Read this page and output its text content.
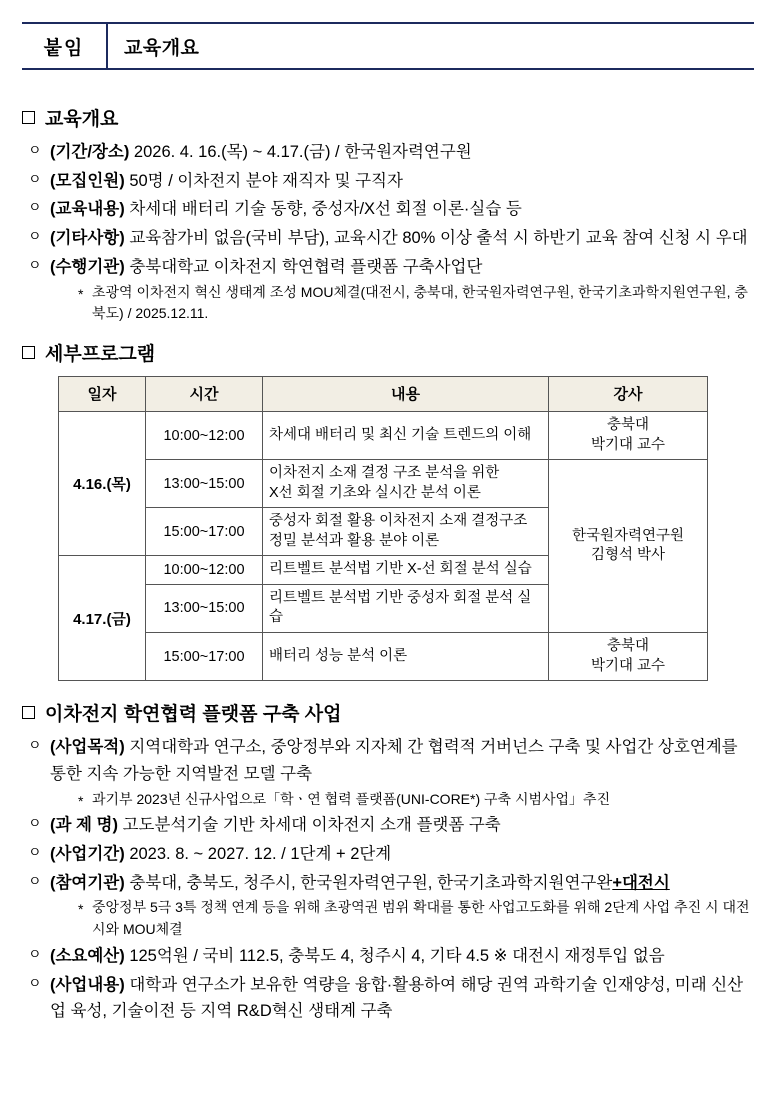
붙임	교육개요
교육개요
ㅇ (기간/장소) 2026. 4. 16.(목) ~ 4.17.(금) / 한국원자력연구원
ㅇ (모집인원) 50명 / 이차전지 분야 재직자 및 구직자
ㅇ (교육내용) 차세대 배터리 기술 동향, 중성자/X선 회절 이론·실습 등
ㅇ (기타사항) 교육참가비 없음(국비 부담), 교육시간 80% 이상 출석 시 하반기 교육 참여 신청 시 우대
ㅇ (수행기관) 충북대학교 이차전지 학연협력 플랫폼 구축사업단
* 초광역 이차전지 혁신 생태계 조성 MOU체결(대전시, 충북대, 한국원자력연구원, 한국기초과학지원연구원, 충북도) / 2025.12.11.
세부프로그램
일자	시간	내용	강사
4.16.(목)	10:00~12:00	차세대 배터리 및 최신 기술 트렌드의 이해	충북대
박기대 교수
	13:00~15:00	이차전지 소재 결정 구조 분석을 위한
X선 회절 기초와 실시간 분석 이론	한국원자력연구원
김형석 박사
	15:00~17:00	중성자 회절 활용 이차전지 소재 결정구조
정밀 분석과 활용 분야 이론	
4.17.(금)	10:00~12:00	리트벨트 분석법 기반 X-선 회절 분석 실습	
	13:00~15:00	리트벨트 분석법 기반 중성자 회절 분석 실습	
	15:00~17:00	배터리 성능 분석 이론	충북대
박기대 교수
이차전지 학연협력 플랫폼 구축 사업
ㅇ (사업목적) 지역대학과 연구소, 중앙정부와 지자체 간 협력적 거버넌스 구축 및 사업간 상호연계를 통한 지속 가능한 지역발전 모델 구축
* 과기부 2023년 신규사업으로「학ㆍ연 협력 플랫폼(UNI-CORE*) 구축 시범사업」추진
ㅇ (과 제 명) 고도분석기술 기반 차세대 이차전지 소개 플랫폼 구축
ㅇ (사업기간) 2023. 8. ~ 2027. 12. / 1단계 + 2단계
ㅇ (참여기관) 충북대, 충북도, 청주시, 한국원자력연구원, 한국기초과학지원연구완+대전시
* 중앙정부 5극 3특 정책 연계 등을 위해 초광역권 범위 확대를 통한 사업고도화를 위해 2단계 사업 추진 시 대전시와 MOU체결
ㅇ (소요예산) 125억원 / 국비 112.5, 충북도 4, 청주시 4, 기타 4.5 ※ 대전시 재정투입 없음
ㅇ (사업내용) 대학과 연구소가 보유한 역량을 융합·활용하여 해당 권역 과학기술 인재양성, 미래 신산업 육성, 기술이전 등 지역 R&D혁신 생태계 구축
